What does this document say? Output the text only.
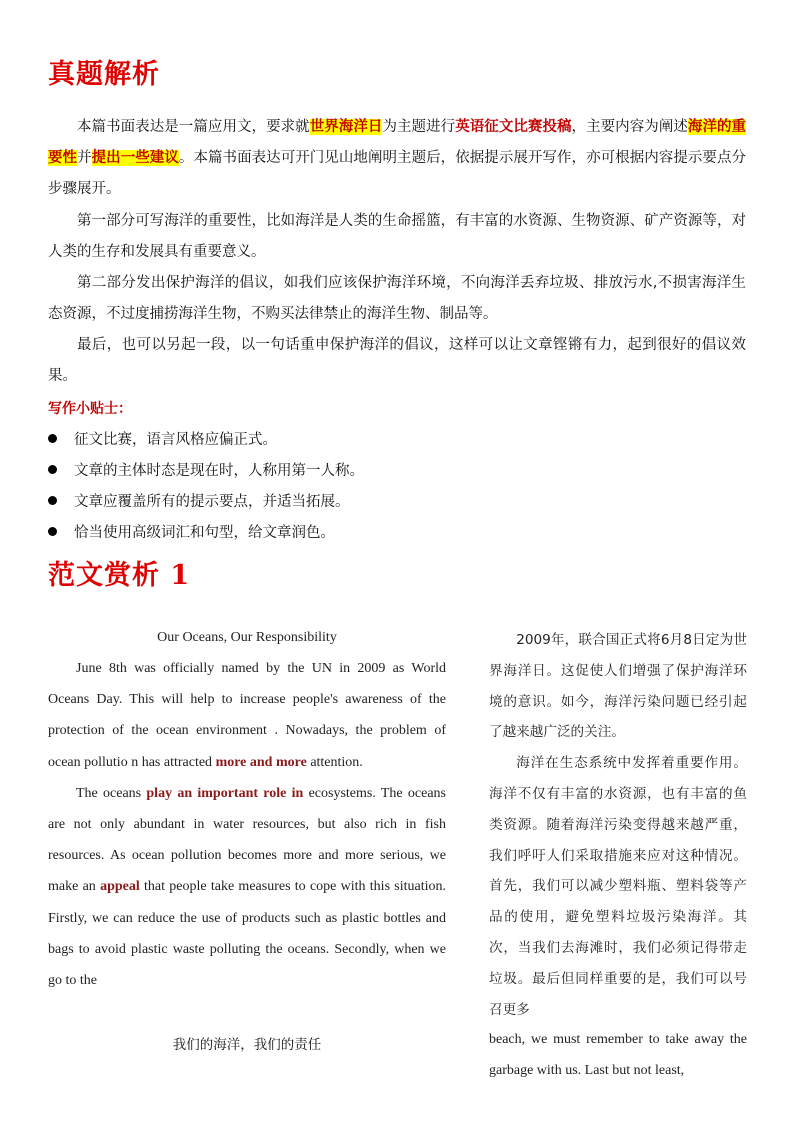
真题解析

本篇书面表达是一篇应用文，要求就世界海洋日为主题进行英语征文比赛投稿，主要内容为阐述海洋的重要性并提出一些建议。本篇书面表达可开门见山地阐明主题后，依据提示展开写作，亦可根据内容提示要点分步骤展开。

第一部分可写海洋的重要性，比如海洋是人类的生命摇篮，有丰富的水资源、生物资源、矿产资源等，对人类的生存和发展具有重要意义。

第二部分发出保护海洋的倡议，如我们应该保护海洋环境，不向海洋丢弃垃圾、排放污水,不损害海洋生态资源，不过度捕捞海洋生物，不购买法律禁止的海洋生物、制品等。

最后，也可以另起一段，以一句话重申保护海洋的倡议，这样可以让文章铿锵有力，起到很好的倡议效果。

写作小贴士：

征文比赛，语言风格应偏正式。

文章的主体时态是现在时，人称用第一人称。

文章应覆盖所有的提示要点，并适当拓展。

恰当使用高级词汇和句型，给文章润色。

范文赏析 1

Our Oceans, Our Responsibility

June 8th was officially named by the UN in 2009 as World Oceans Day. This will help to increase people's awareness of the protection of the ocean environment . Nowadays, the problem of ocean pollutio n has attracted more and more attention.

The oceans play an important role in ecosystems. The oceans are not only abundant in water resources, but also rich in fish resources. As ocean pollution becomes more and more serious, we make an appeal that people take measures to cope with this situation. Firstly, we can reduce the use of products such as plastic bottles and bags to avoid plastic waste polluting the oceans. Secondly, when we go to the

我们的海洋，我们的责任

2009年，联合国正式将6月8日定为世界海洋日。这促使人们增强了保护海洋环境的意识。如今，海洋污染问题已经引起了越来越广泛的关注。

海洋在生态系统中发挥着重要作用。海洋不仅有丰富的水资源，也有丰富的鱼类资源。随着海洋污染变得越来越严重，我们呼吁人们采取措施来应对这种情况。首先，我们可以减少塑料瓶、塑料袋等产品的使用，避免塑料垃圾污染海洋。其次，当我们去海滩时，我们必须记得带走垃圾。最后但同样重要的是，我们可以号召更多

beach, we must remember to take away the garbage with us. Last but not least,
